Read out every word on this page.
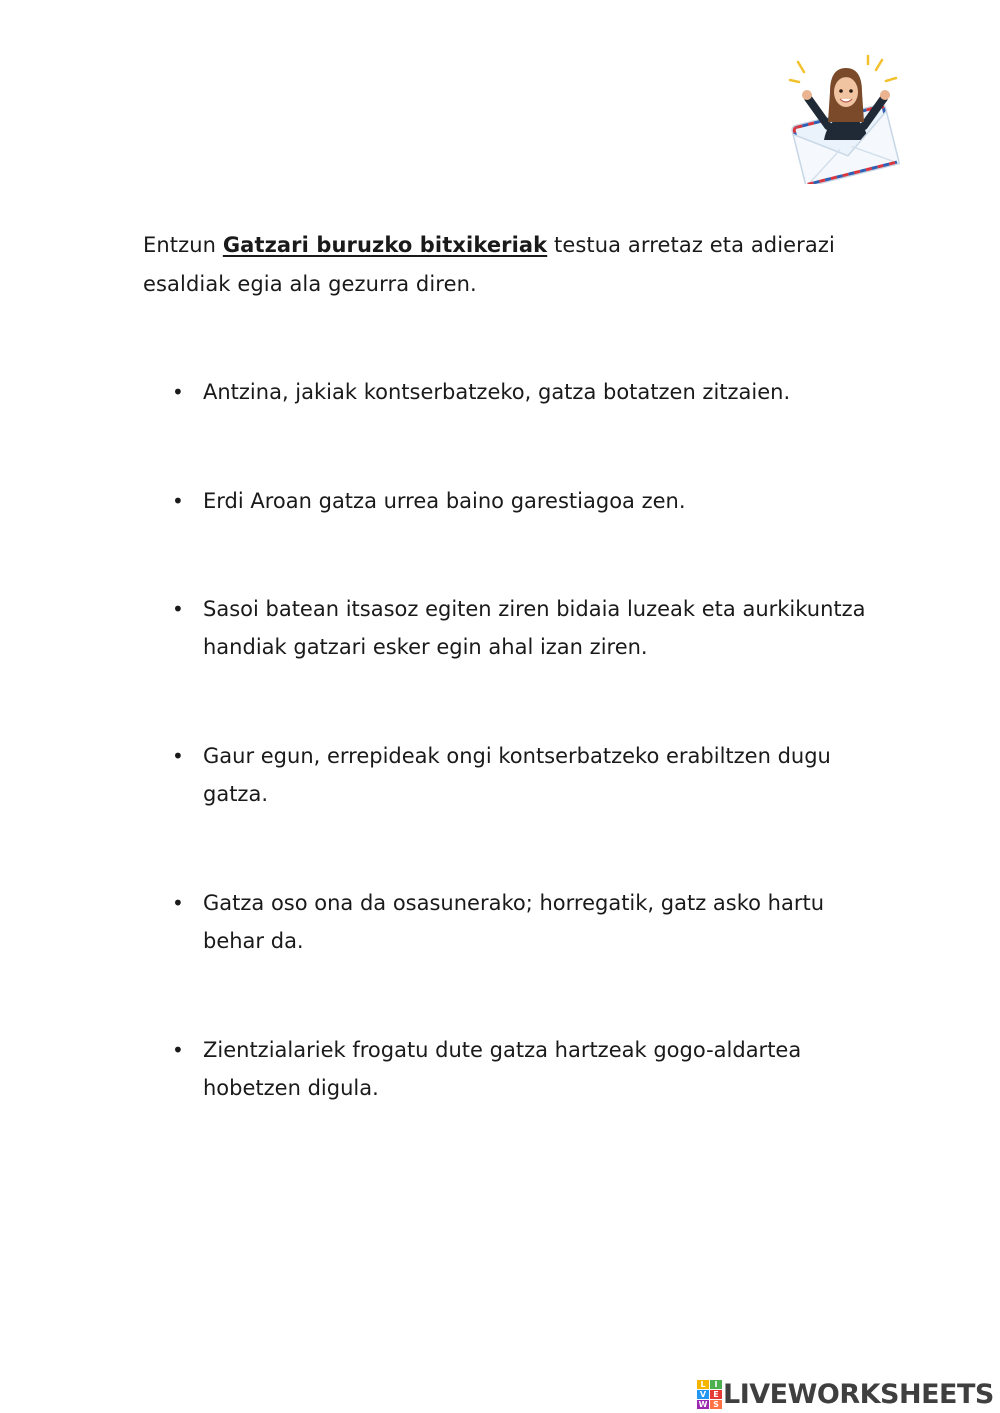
Entzun Gatzari buruzko bitxikeriak testua arretaz eta adierazi esaldiak egia ala gezurra diren.

• Antzina, jakiak kontserbatzeko, gatza botatzen zitzaien.
• Erdi Aroan gatza urrea baino garestiagoa zen.
• Sasoi batean itsasoz egiten ziren bidaia luzeak eta aurkikuntza handiak gatzari esker egin ahal izan ziren.
• Gaur egun, errepideak ongi kontserbatzeko erabiltzen dugu gatza.
• Gatza oso ona da osasunerako; horregatik, gatz asko hartu behar da.
• Zientzialariek frogatu dute gatza hartzeak gogo-aldartea hobetzen digula.
L	I
V E
W S LIVEWORKSHEETS
